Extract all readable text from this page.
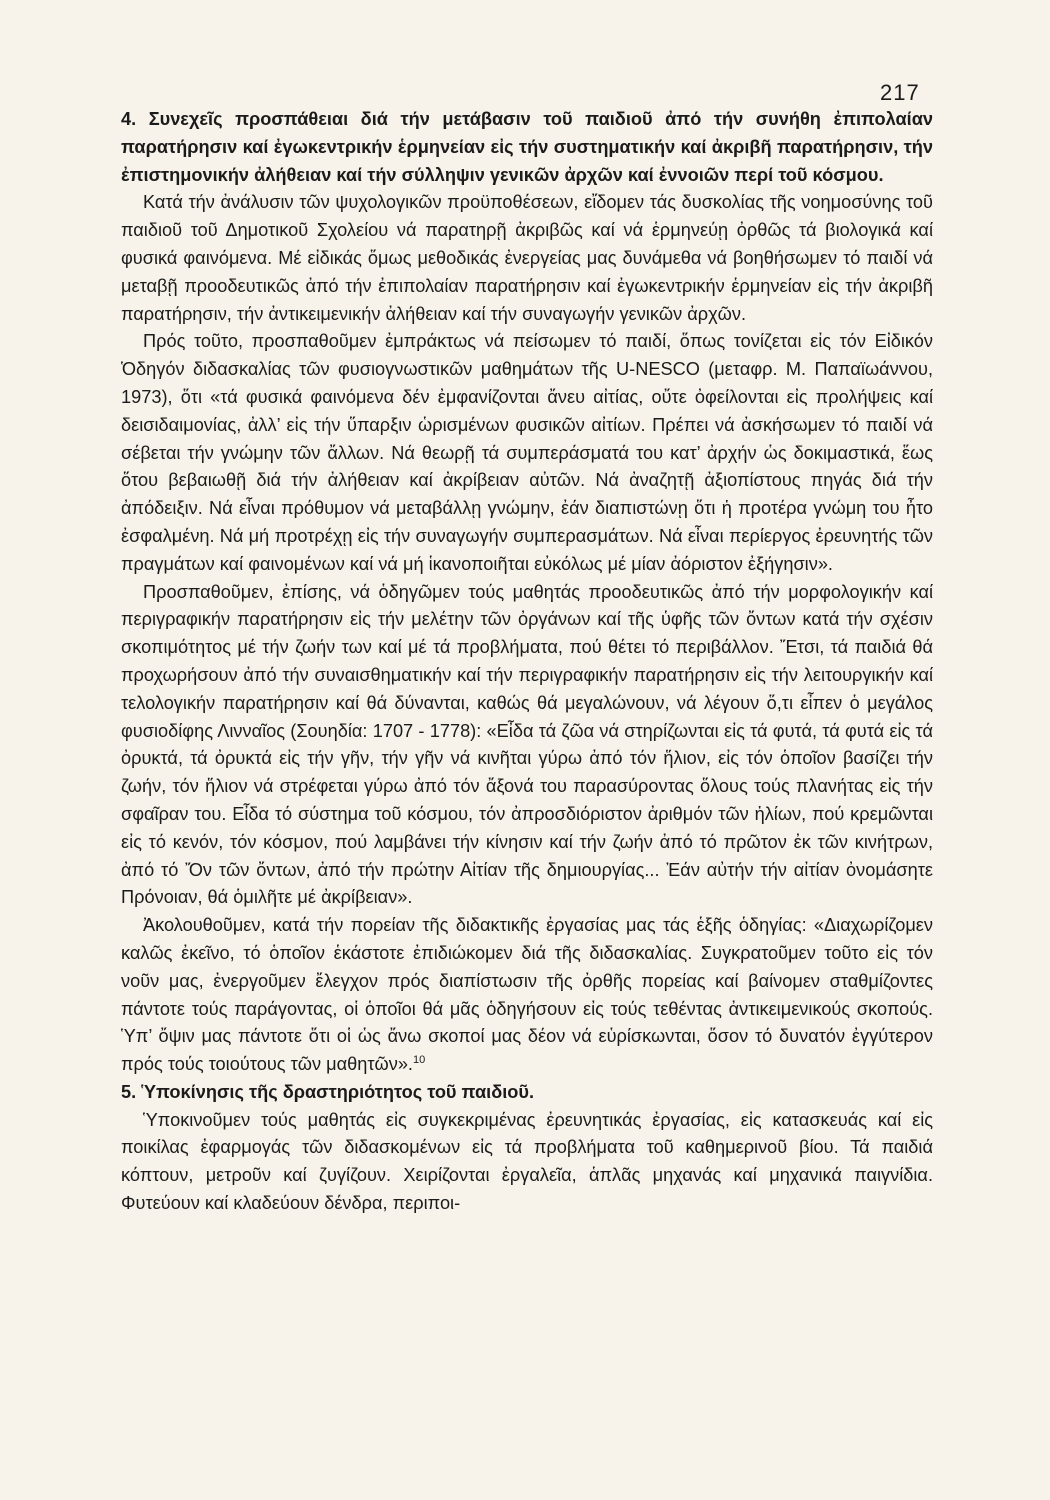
217

4. Συνεχεῖς προσπάθειαι διά τήν μετάβασιν τοῦ παιδιοῦ ἀπό τήν συνήθη ἐπιπολαίαν παρατήρησιν καί ἐγωκεντρικήν ἑρμηνείαν εἰς τήν συστηματικήν καί ἀκριβῆ παρατήρησιν, τήν ἐπιστημονικήν ἀλήθειαν καί τήν σύλληψιν γενικῶν ἀρχῶν καί ἐννοιῶν περί τοῦ κόσμου.

Κατά τήν ἀνάλυσιν τῶν ψυχολογικῶν προϋποθέσεων, εἴδομεν τάς δυσκολίας τῆς νοημοσύνης τοῦ παιδιοῦ τοῦ Δημοτικοῦ Σχολείου νά παρατηρῇ ἀκριβῶς καί νά ἑρμηνεύῃ ὀρθῶς τά βιολογικά καί φυσικά φαινόμενα. Μέ εἰδικάς ὅμως μεθοδικάς ἐνεργείας μας δυνάμεθα νά βοηθήσωμεν τό παιδί νά μεταβῇ προοδευτικῶς ἀπό τήν ἐπιπολαίαν παρατήρησιν καί ἐγωκεντρικήν ἑρμηνείαν εἰς τήν ἀκριβῆ παρατήρησιν, τήν ἀντικειμενικήν ἀλήθειαν καί τήν συναγωγήν γενικῶν ἀρχῶν.

Πρός τοῦτο, προσπαθοῦμεν ἐμπράκτως νά πείσωμεν τό παιδί, ὅπως τονίζεται εἰς τόν Εἰδικόν Ὁδηγόν διδασκαλίας τῶν φυσιογνωστικῶν μαθημάτων τῆς U-NESCO (μεταφρ. Μ. Παπαϊωάννου, 1973), ὅτι «τά φυσικά φαινόμενα δέν ἐμφανίζονται ἄνευ αἰτίας, οὔτε ὀφείλονται εἰς προλήψεις καί δεισιδαιμονίας, ἀλλ’ εἰς τήν ὕπαρξιν ὡρισμένων φυσικῶν αἰτίων. Πρέπει νά ἀσκήσωμεν τό παιδί νά σέβεται τήν γνώμην τῶν ἄλλων. Νά θεωρῇ τά συμπεράσματά του κατ’ ἀρχήν ὡς δοκιμαστικά, ἕως ὅτου βεβαιωθῇ διά τήν ἀλήθειαν καί ἀκρίβειαν αὐτῶν. Νά ἀναζητῇ ἀξιοπίστους πηγάς διά τήν ἀπόδειξιν. Νά εἶναι πρόθυμον νά μεταβάλλῃ γνώμην, ἐάν διαπιστώνῃ ὅτι ἡ προτέρα γνώμη του ἦτο ἐσφαλμένη. Νά μή προτρέχῃ εἰς τήν συναγωγήν συμπερασμάτων. Νά εἶναι περίεργος ἐρευνητής τῶν πραγμάτων καί φαινομένων καί νά μή ἱκανοποιῆται εὐκόλως μέ μίαν ἀόριστον ἐξήγησιν».

Προσπαθοῦμεν, ἐπίσης, νά ὁδηγῶμεν τούς μαθητάς προοδευτικῶς ἀπό τήν μορφολογικήν καί περιγραφικήν παρατήρησιν εἰς τήν μελέτην τῶν ὀργάνων καί τῆς ὑφῆς τῶν ὄντων κατά τήν σχέσιν σκοπιμότητος μέ τήν ζωήν των καί μέ τά προβλήματα, πού θέτει τό περιβάλλον. Ἔτσι, τά παιδιά θά προχωρήσουν ἀπό τήν συναισθηματικήν καί τήν περιγραφικήν παρατήρησιν εἰς τήν λειτουργικήν καί τελολογικήν παρατήρησιν καί θά δύνανται, καθώς θά μεγαλώνουν, νά λέγουν ὅ,τι εἶπεν ὁ μεγάλος φυσιοδίφης Λινναῖος (Σουηδία: 1707 - 1778): «Εἶδα τά ζῶα νά στηρίζωνται εἰς τά φυτά, τά φυτά εἰς τά ὀρυκτά, τά ὀρυκτά εἰς τήν γῆν, τήν γῆν νά κινῆται γύρω ἀπό τόν ἥλιον, εἰς τόν ὁποῖον βασίζει τήν ζωήν, τόν ἥλιον νά στρέφεται γύρω ἀπό τόν ἄξονά του παρασύροντας ὅλους τούς πλανήτας εἰς τήν σφαῖραν του. Εἶδα τό σύστημα τοῦ κόσμου, τόν ἀπροσδιόριστον ἀριθμόν τῶν ἡλίων, πού κρεμῶνται εἰς τό κενόν, τόν κόσμον, πού λαμβάνει τήν κίνησιν καί τήν ζωήν ἀπό τό πρῶτον ἐκ τῶν κινήτρων, ἀπό τό Ὄν τῶν ὄντων, ἀπό τήν πρώτην Αἰτίαν τῆς δημιουργίας... Ἐάν αὐτήν τήν αἰτίαν ὀνομάσητε Πρόνοιαν, θά ὁμιλῆτε μέ ἀκρίβειαν».

Ἀκολουθοῦμεν, κατά τήν πορείαν τῆς διδακτικῆς ἐργασίας μας τάς ἑξῆς ὁδηγίας: «Διαχωρίζομεν καλῶς ἐκεῖνο, τό ὁποῖον ἑκάστοτε ἐπιδιώκομεν διά τῆς διδασκαλίας. Συγκρατοῦμεν τοῦτο εἰς τόν νοῦν μας, ἐνεργοῦμεν ἔλεγχον πρός διαπίστωσιν τῆς ὀρθῆς πορείας καί βαίνομεν σταθμίζοντες πάντοτε τούς παράγοντας, οἱ ὁποῖοι θά μᾶς ὁδηγήσουν εἰς τούς τεθέντας ἀντικειμενικούς σκοπούς. Ὑπ’ ὄψιν μας πάντοτε ὅτι οἱ ὡς ἄνω σκοποί μας δέον νά εὑρίσκωνται, ὅσον τό δυνατόν ἐγγύτερον πρός τούς τοιούτους τῶν μαθητῶν».$^{10}$

5. Ὑποκίνησις τῆς δραστηριότητος τοῦ παιδιοῦ.

Ὑποκινοῦμεν τούς μαθητάς εἰς συγκεκριμένας ἐρευνητικάς ἐργασίας, εἰς κατασκευάς καί εἰς ποικίλας ἐφαρμογάς τῶν διδασκομένων εἰς τά προβλήματα τοῦ καθημερινοῦ βίου. Τά παιδιά κόπτουν, μετροῦν καί ζυγίζουν. Χειρίζονται ἐργαλεῖα, ἁπλᾶς μηχανάς καί μηχανικά παιγνίδια. Φυτεύουν καί κλαδεύουν δένδρα, περιποι-
